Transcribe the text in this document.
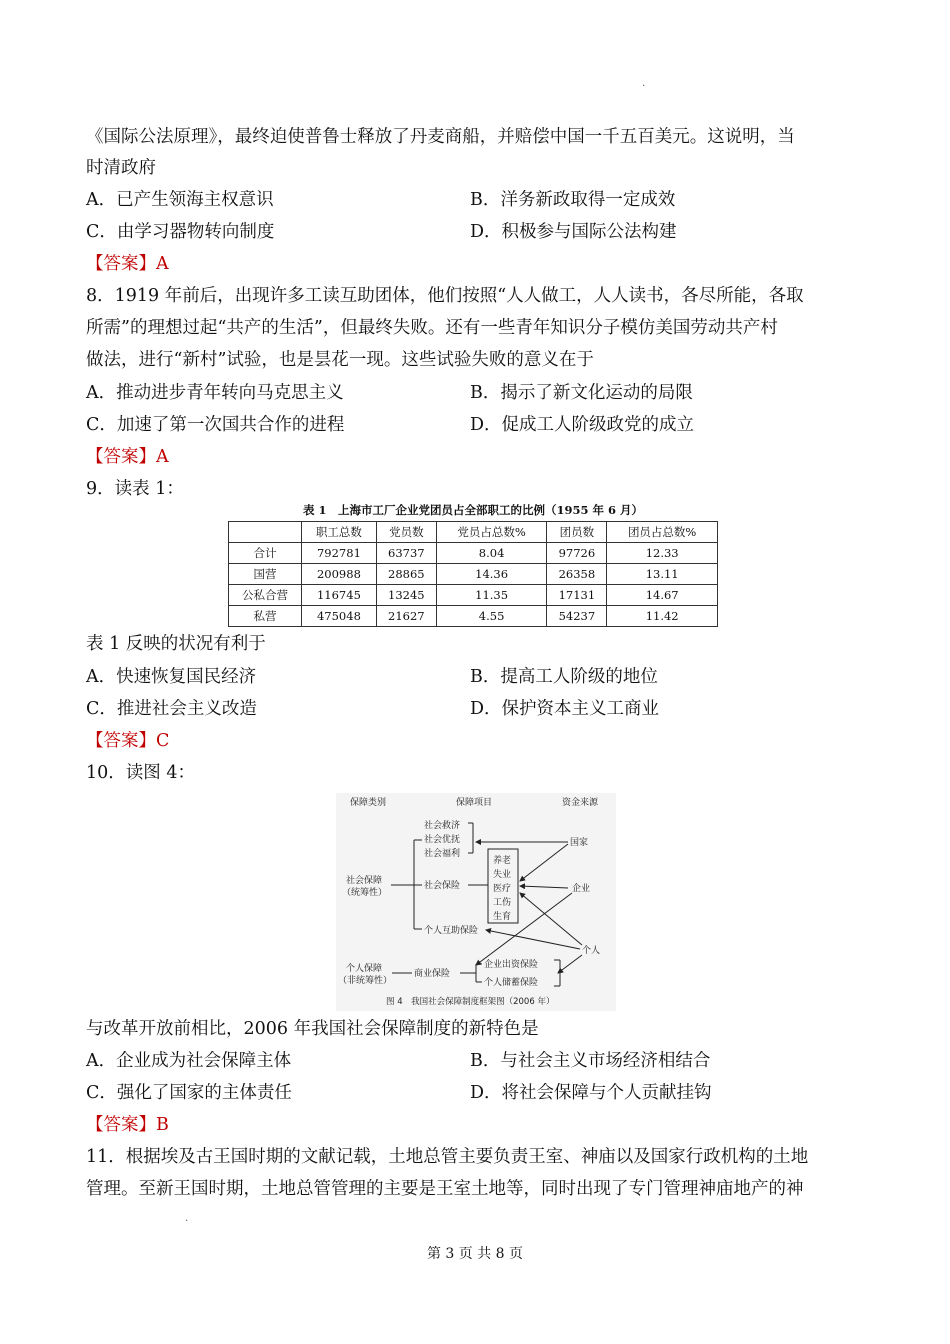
.
《国际公法原理》，最终迫使普鲁士释放了丹麦商船，并赔偿中国一千五百美元。这说明，当
时清政府
A．已产生领海主权意识	B．洋务新政取得一定成效
C．由学习器物转向制度	D．积极参与国际公法构建
【答案】A
8．1919 年前后，出现许多工读互助团体，他们按照“人人做工，人人读书，各尽所能，各取
所需”的理想过起“共产的生活”，但最终失败。还有一些青年知识分子模仿美国劳动共产村
做法，进行“新村”试验，也是昙花一现。这些试验失败的意义在于
A．推动进步青年转向马克思主义	B．揭示了新文化运动的局限
C．加速了第一次国共合作的进程	D．促成工人阶级政党的成立
【答案】A
9．读表 1：
表 1　上海市工厂企业党团员占全部职工的比例（1955 年 6 月）
	职工总数	党员数	党员占总数%	团员数	团员占总数%
合计	792781	63737	8.04	97726	12.33
国营	200988	28865	14.36	26358	13.11
公私合营	116745	13245	11.35	17131	14.67
私营	475048	21627	4.55	54237	11.42
表 1 反映的状况有利于
A．快速恢复国民经济	B．提高工人阶级的地位
C．推进社会主义改造	D．保护资本主义工商业
【答案】C
10．读图 4：
保障类别	保障项目	资金来源
社会保障
（统筹性）
社会救济
社会优抚
社会福利
社会保险
养老
失业
医疗
工伤
生育
个人互助保险
国家
企业
个人
个人保障
（非统筹性）
商业保险
企业出资保险
个人储蓄保险
图 4　我国社会保障制度框架图（2006 年）
与改革开放前相比，2006 年我国社会保障制度的新特色是
A．企业成为社会保障主体	B．与社会主义市场经济相结合
C．强化了国家的主体责任	D．将社会保障与个人贡献挂钩
【答案】B
11．根据埃及古王国时期的文献记载，土地总管主要负责王室、神庙以及国家行政机构的土地
管理。至新王国时期，土地总管管理的主要是王室土地等，同时出现了专门管理神庙地产的神
.
第 3 页 共 8 页
